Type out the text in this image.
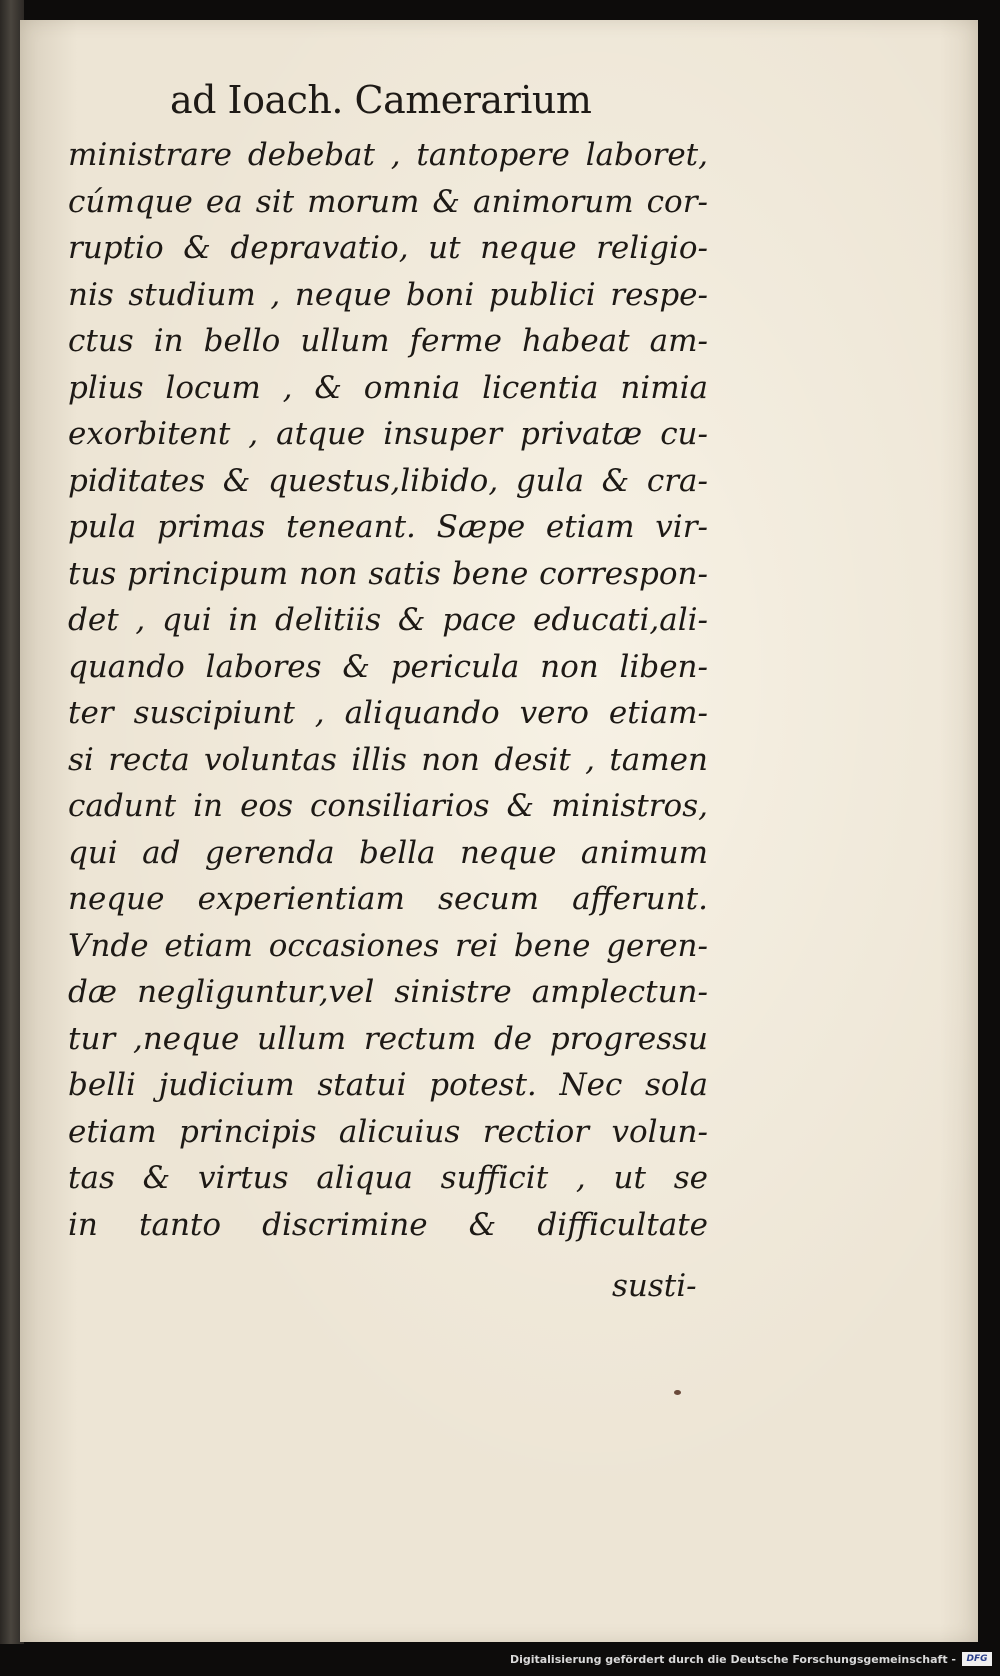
ad Ioach. Camerarium
ministrare debebat , tantopere laboret,
cúmque ea sit morum & animorum cor-
ruptio & depravatio, ut neque religio-
nis studium , neque boni publici respe-
ctus in bello ullum ferme habeat am-
plius locum , & omnia licentia nimia
exorbitent , atque insuper privatæ cu-
piditates & questus,libido, gula & cra-
pula primas teneant. Sæpe etiam vir-
tus principum non satis bene correspon-
det , qui in delitiis & pace educati,ali-
quando labores & pericula non liben-
ter suscipiunt , aliquando vero etiam-
si recta voluntas illis non desit , tamen
cadunt in eos consiliarios & ministros,
qui ad gerenda bella neque animum
neque experientiam secum afferunt.
Vnde etiam occasiones rei bene geren-
dæ negliguntur,vel sinistre amplectun-
tur ,neque ullum rectum de progressu
belli judicium statui potest. Nec sola
etiam principis alicuius rectior volun-
tas & virtus aliqua sufficit , ut se
in tanto discrimine & difficultate
susti-
Digitalisierung gefördert durch die Deutsche Forschungsgemeinschaft -	DFG
